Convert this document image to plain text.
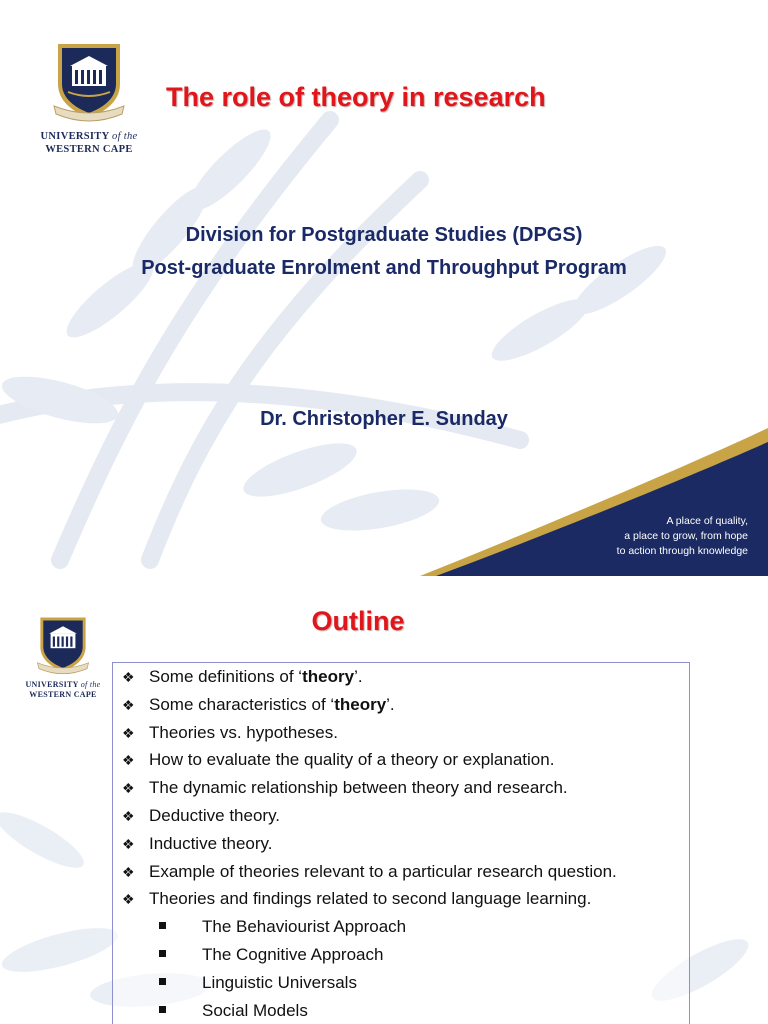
UNIVERSITY of the
WESTERN CAPE
The role of theory in research
Division for Postgraduate Studies (DPGS)
Post-graduate Enrolment and Throughput Program
Dr. Christopher E. Sunday
A place of quality,
a place to grow, from hope
to action through knowledge
UNIVERSITY of the
WESTERN CAPE
Outline
❖ Some definitions of ‘theory’.
❖ Some characteristics of ‘theory’.
❖ Theories vs. hypotheses.
❖ How to evaluate the quality of a theory or explanation.
❖ The dynamic relationship between theory and research.
❖ Deductive theory.
❖ Inductive theory.
❖ Example of theories relevant to a particular research question.
❖ Theories and findings related to second language learning.
The Behaviourist Approach
The Cognitive Approach
Linguistic Universals
Social Models
